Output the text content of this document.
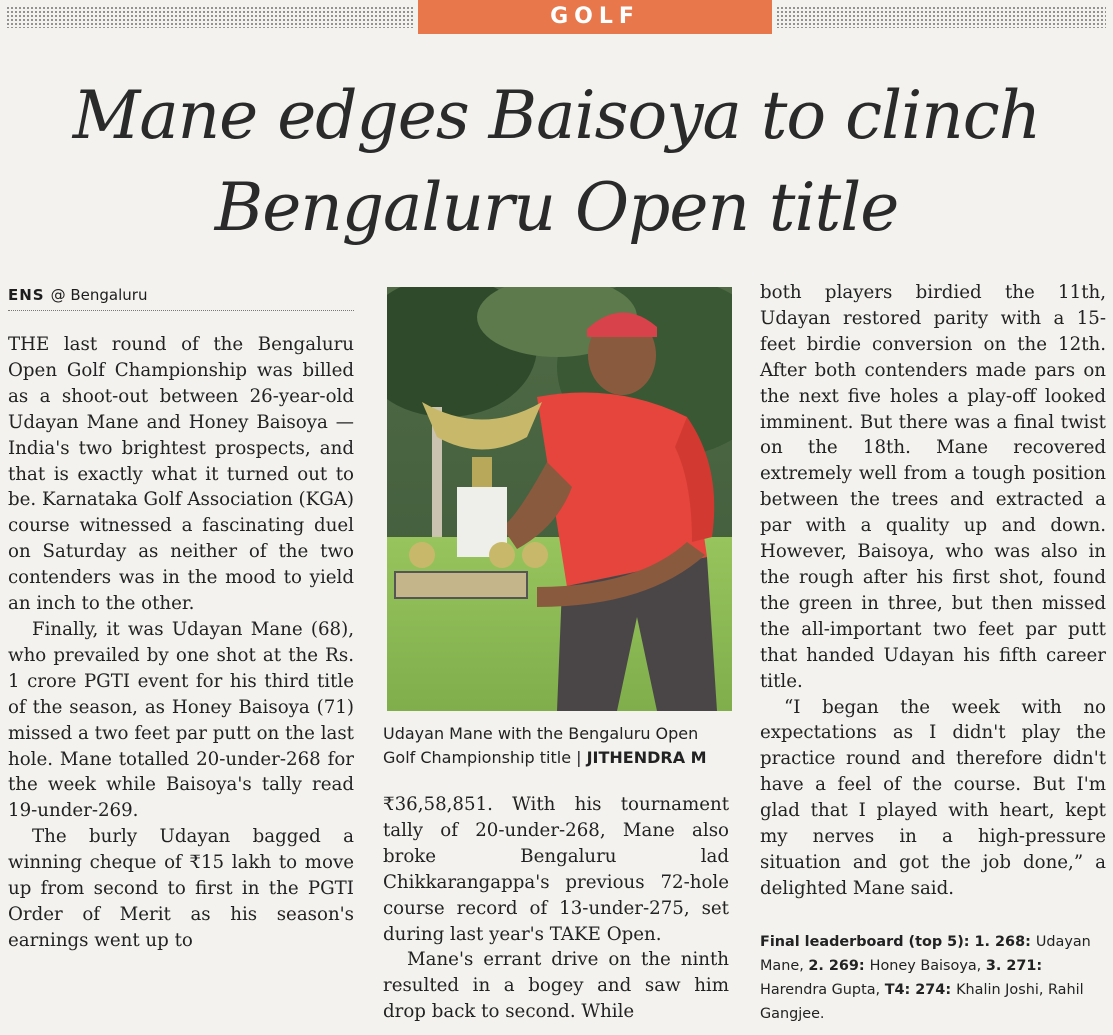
GOLF
Mane edges Baisoya to clinch
Bengaluru Open title
ENS @ Bengaluru

THE last round of the Bengaluru Open Golf Championship was billed as a shoot-out between 26-year-old Udayan Mane and Honey Baisoya — India's two brightest prospects, and that is exactly what it turned out to be. Karnataka Golf Association (KGA) course witnessed a fascinating duel on Saturday as neither of the two contenders was in the mood to yield an inch to the other.

Finally, it was Udayan Mane (68), who prevailed by one shot at the Rs. 1 crore PGTI event for his third title of the season, as Honey Baisoya (71) missed a two feet par putt on the last hole. Mane totalled 20-under-268 for the week while Baisoya's tally read 19-under-269.

The burly Udayan bagged a winning cheque of ₹15 lakh to move up from second to first in the PGTI Order of Merit as his season's earnings went up to

Udayan Mane with the Bengaluru Open Golf Championship title | JITHENDRA M

₹36,58,851. With his tournament tally of 20-under-268, Mane also broke Bengaluru lad Chikkarangappa's previous 72-hole course record of 13-under-275, set during last year's TAKE Open.

Mane's errant drive on the ninth resulted in a bogey and saw him drop back to second. While

both players birdied the 11th, Udayan restored parity with a 15-feet birdie conversion on the 12th. After both contenders made pars on the next five holes a play-off looked imminent. But there was a final twist on the 18th. Mane recovered extremely well from a tough position between the trees and extracted a par with a quality up and down. However, Baisoya, who was also in the rough after his first shot, found the green in three, but then missed the all-important two feet par putt that handed Udayan his fifth career title.

“I began the week with no expectations as I didn't play the practice round and therefore didn't have a feel of the course. But I'm glad that I played with heart, kept my nerves in a high-pressure situation and got the job done,” a delighted Mane said.

Final leaderboard (top 5): 1. 268: Udayan Mane, 2. 269: Honey Baisoya, 3. 271: Harendra Gupta, T4: 274: Khalin Joshi, Rahil Gangjee.
